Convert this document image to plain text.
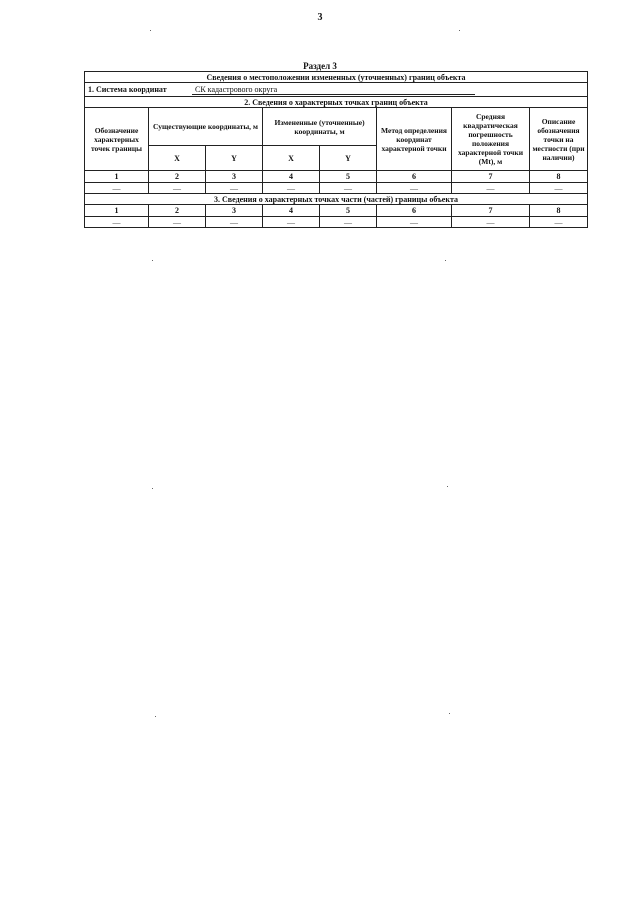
3
Раздел 3
Сведения о местоположении измененных (уточненных) границ объекта							
1. Система координат СК кадастрового округа							
2. Сведения о характерных точках границ объекта							
Обозначение характерных точек границы	Существующие координаты, м		Измененные (уточненные) координаты, м		Метод определения координат характерной точки	Средняя квадратическая погрешность положения характерной точки (Mt), м	Описание обозначения точки на местности (при наличии)
	X	Y	X	Y			
1	2	3	4	5	6	7	8
—	—	—	—	—	—	—	—
3. Сведения о характерных точках части (частей) границы объекта							
1	2	3	4	5	6	7	8
—	—	—	—	—	—	—	—
